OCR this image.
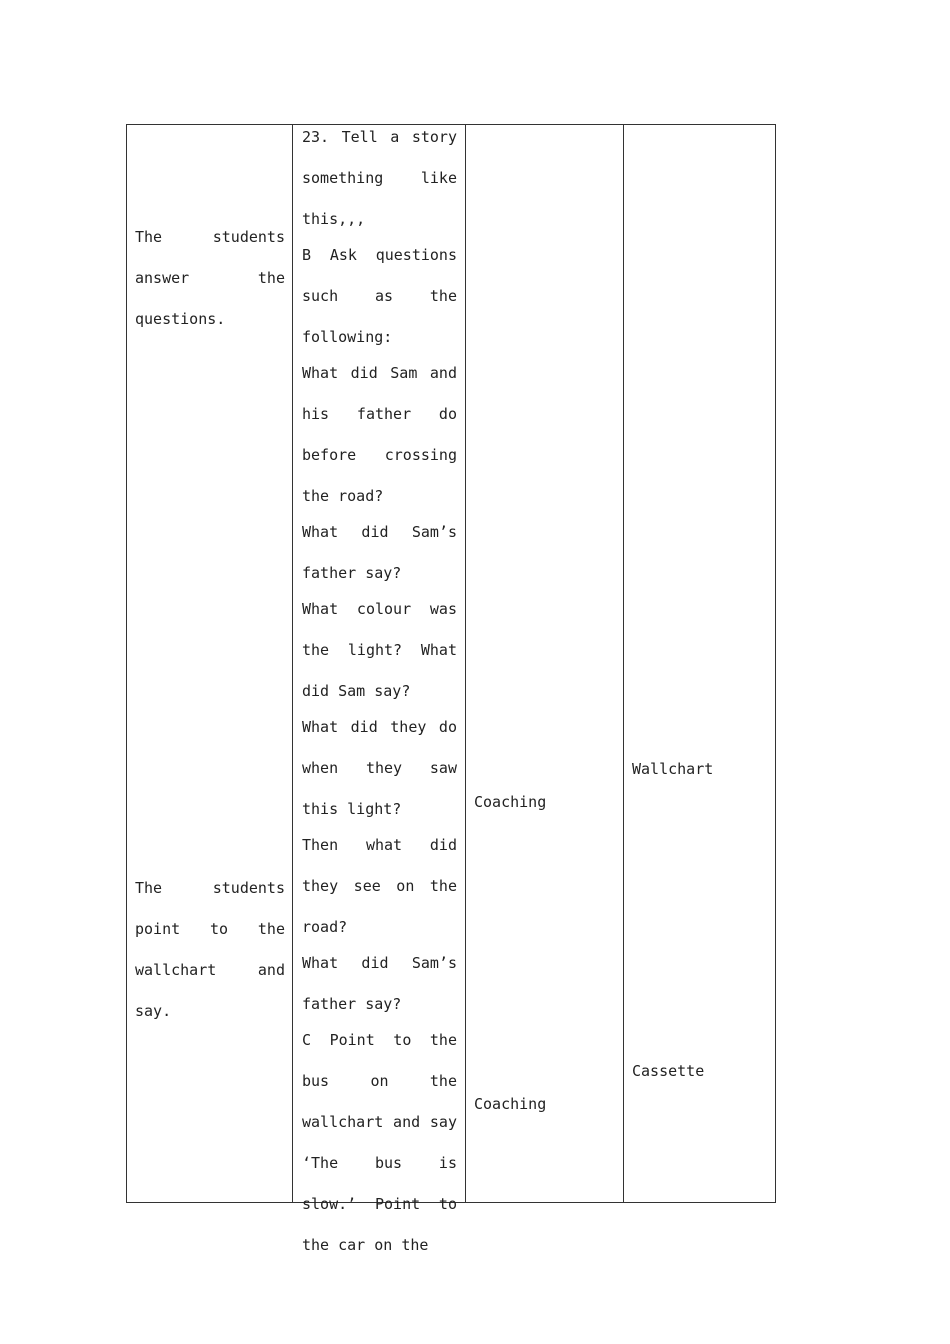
The students answer the questions.
The students point to the wallchart and say.

23. Tell a story something like this,,,

B Ask questions such as the following:

What did Sam and his father do before crossing the road?

What did Sam’s father say?

What colour was the light? What did Sam say?

What did they do when they saw this light?

Then what did they see on the road?

What did Sam’s father say?

C Point to the bus on the wallchart and say ‘The bus is slow.’ Point to the car on the

Coaching
Coaching
Wallchart
Cassette
